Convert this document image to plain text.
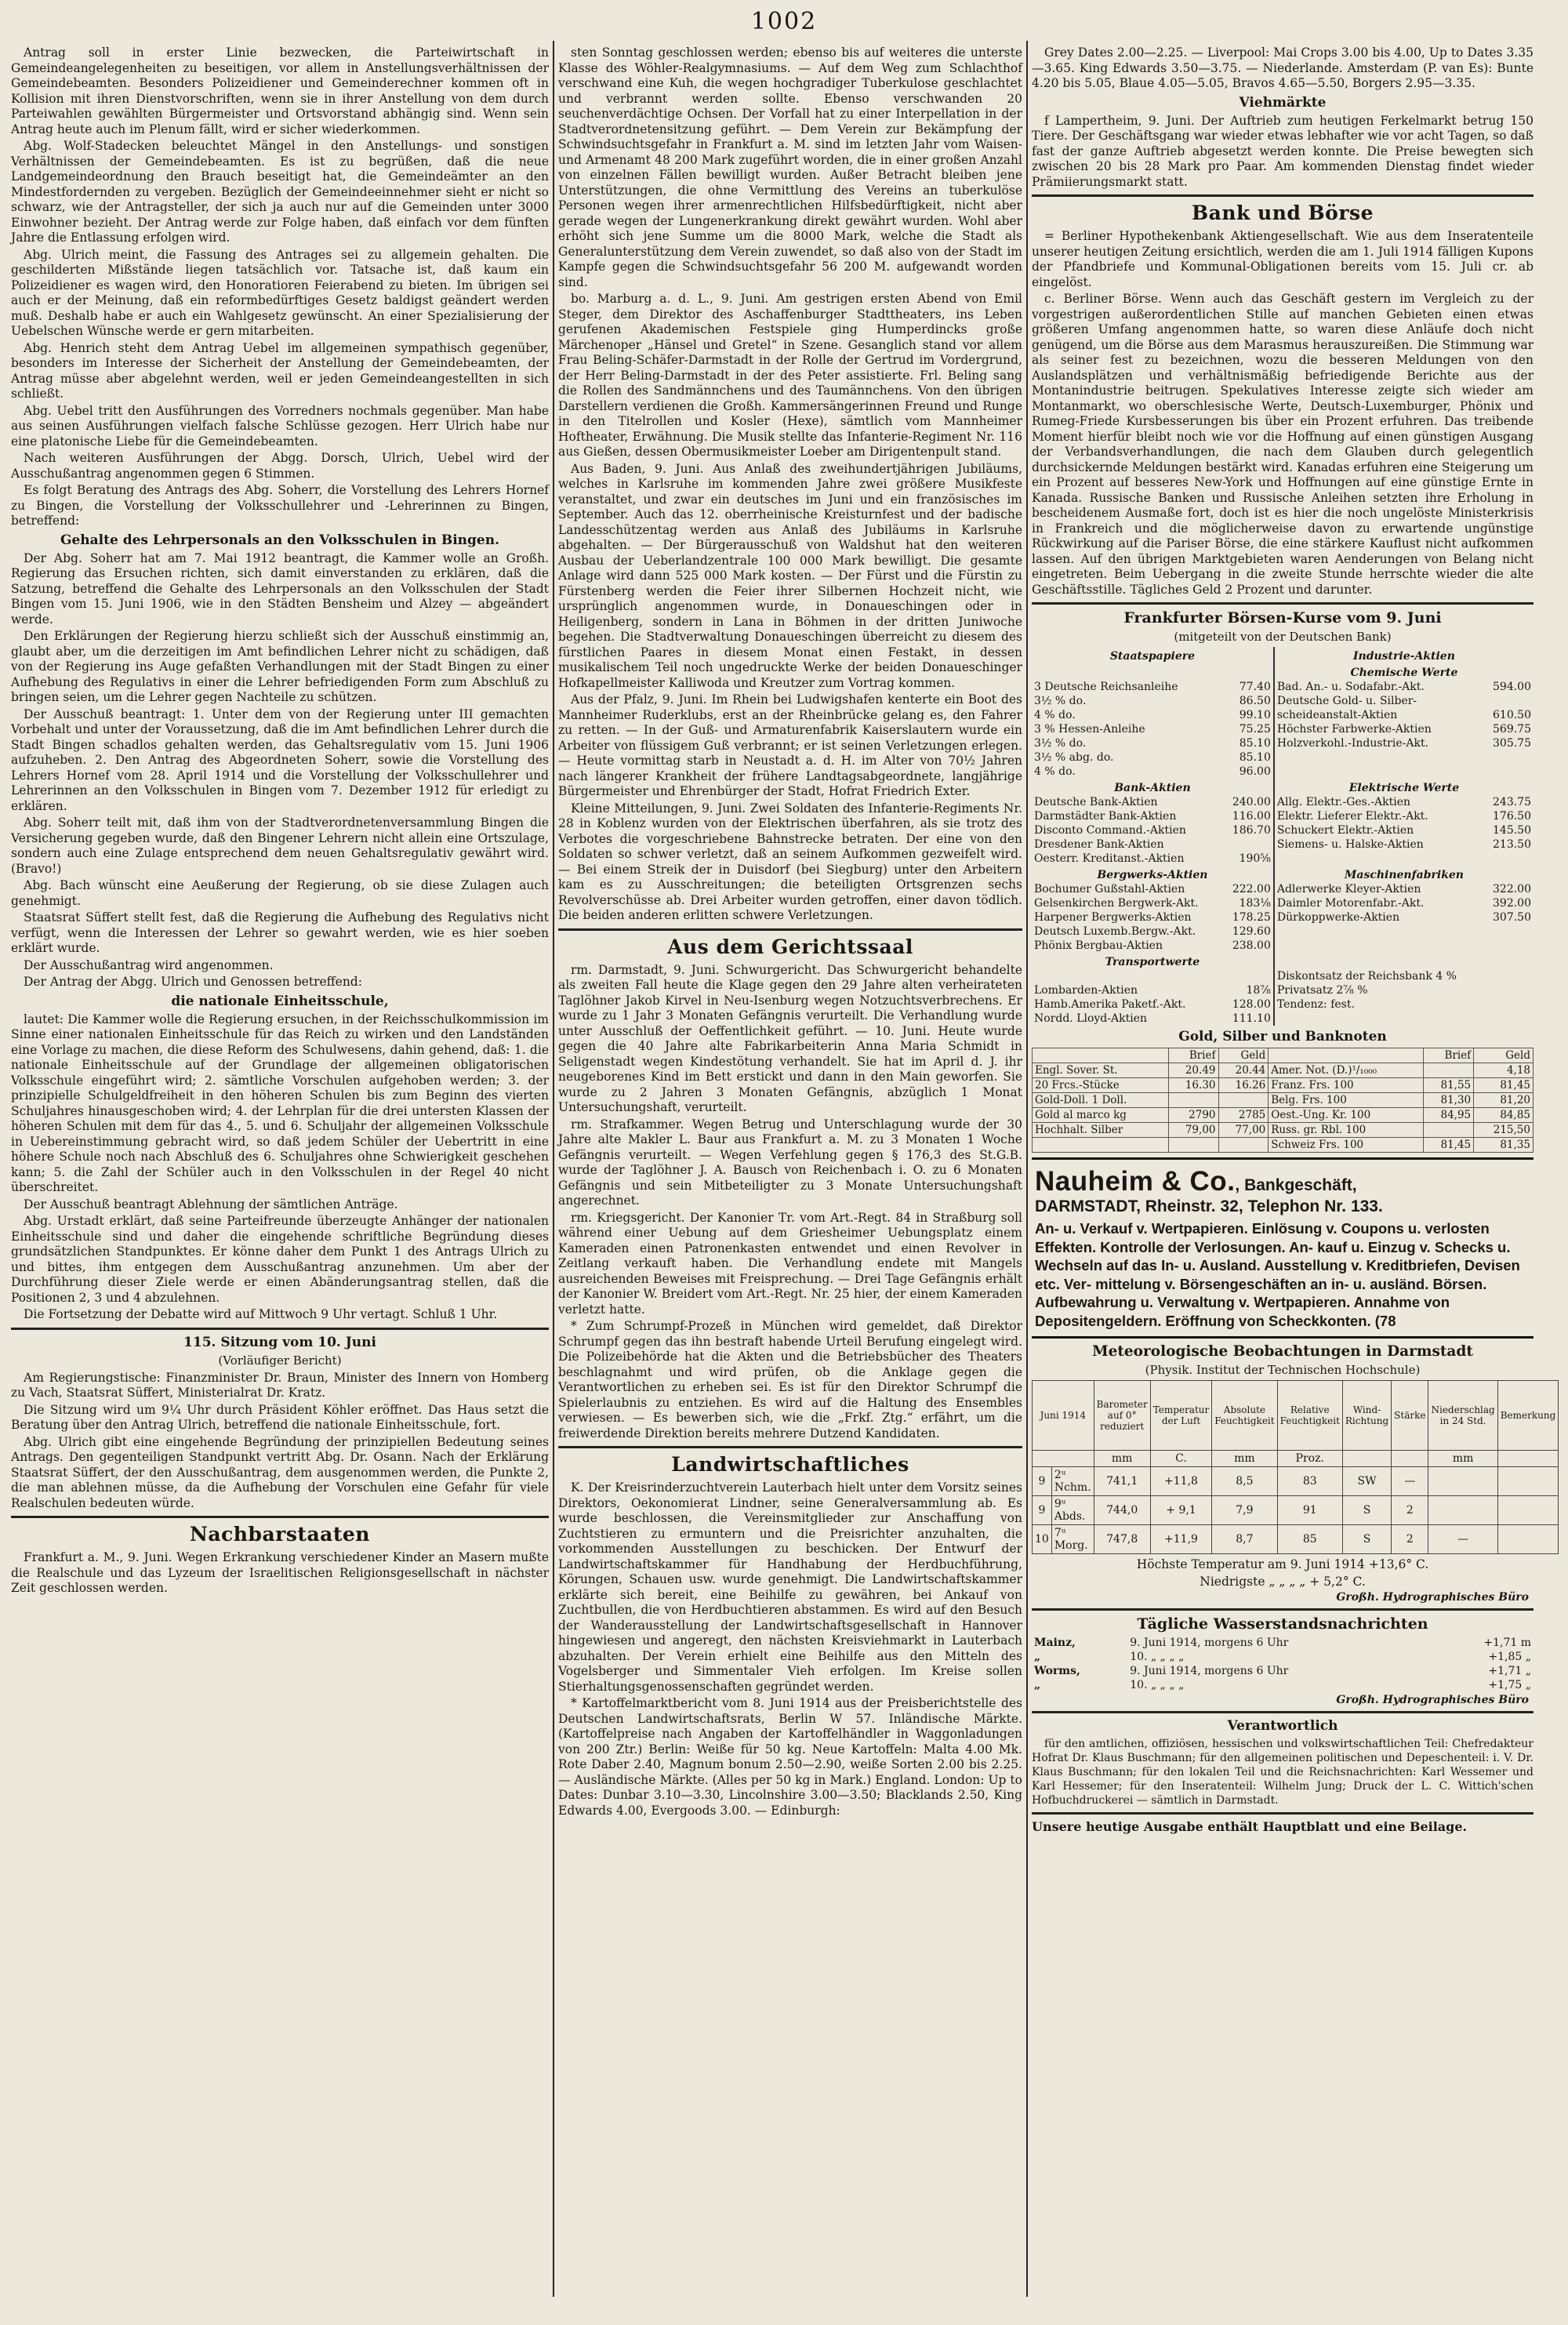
1002

Antrag soll in erster Linie bezwecken, die Parteiwirtschaft in Gemeindeangelegenheiten zu beseitigen, vor allem in Anstellungsverhältnissen der Gemeindebeamten. Besonders Polizeidiener und Gemeinderechner kommen oft in Kollision mit ihren Dienstvorschriften, wenn sie in ihrer Anstellung von dem durch Parteiwahlen gewählten Bürgermeister und Ortsvorstand abhängig sind. Wenn sein Antrag heute auch im Plenum fällt, wird er sicher wiederkommen.

Abg. Wolf-Stadecken beleuchtet Mängel in den Anstellungs- und sonstigen Verhältnissen der Gemeindebeamten. Es ist zu begrüßen, daß die neue Landgemeindeordnung den Brauch beseitigt hat, die Gemeindeämter an den Mindestfordernden zu vergeben. Bezüglich der Gemeindeeinnehmer sieht er nicht so schwarz, wie der Antragsteller, der sich ja auch nur auf die Gemeinden unter 3000 Einwohner bezieht. Der Antrag werde zur Folge haben, daß einfach vor dem fünften Jahre die Entlassung erfolgen wird.

Abg. Ulrich meint, die Fassung des Antrages sei zu allgemein gehalten. Die geschilderten Mißstände liegen tatsächlich vor. Tatsache ist, daß kaum ein Polizeidiener es wagen wird, den Honoratioren Feierabend zu bieten. Im übrigen sei auch er der Meinung, daß ein reformbedürftiges Gesetz baldigst geändert werden muß. Deshalb habe er auch ein Wahlgesetz gewünscht. An einer Spezialisierung der Uebelschen Wünsche werde er gern mitarbeiten.

Abg. Henrich steht dem Antrag Uebel im allgemeinen sympathisch gegenüber, besonders im Interesse der Sicherheit der Anstellung der Gemeindebeamten, der Antrag müsse aber abgelehnt werden, weil er jeden Gemeindeangestellten in sich schließt.

Abg. Uebel tritt den Ausführungen des Vorredners nochmals gegenüber. Man habe aus seinen Ausführungen vielfach falsche Schlüsse gezogen. Herr Ulrich habe nur eine platonische Liebe für die Gemeindebeamten.

Nach weiteren Ausführungen der Abgg. Dorsch, Ulrich, Uebel wird der Ausschußantrag angenommen gegen 6 Stimmen.

Es folgt Beratung des Antrags des Abg. Soherr, die Vorstellung des Lehrers Hornef zu Bingen, die Vorstellung der Volksschullehrer und -Lehrerinnen zu Bingen, betreffend:

Gehalte des Lehrpersonals an den Volksschulen in Bingen.

Der Abg. Soherr hat am 7. Mai 1912 beantragt, die Kammer wolle an Großh. Regierung das Ersuchen richten, sich damit einverstanden zu erklären, daß die Satzung, betreffend die Gehalte des Lehrpersonals an den Volksschulen der Stadt Bingen vom 15. Juni 1906, wie in den Städten Bensheim und Alzey — abgeändert werde.

Den Erklärungen der Regierung hierzu schließt sich der Ausschuß einstimmig an, glaubt aber, um die derzeitigen im Amt befindlichen Lehrer nicht zu schädigen, daß von der Regierung ins Auge gefaßten Verhandlungen mit der Stadt Bingen zu einer Aufhebung des Regulativs in einer die Lehrer befriedigenden Form zum Abschluß zu bringen seien, um die Lehrer gegen Nachteile zu schützen.

Der Ausschuß beantragt: 1. Unter dem von der Regierung unter III gemachten Vorbehalt und unter der Voraussetzung, daß die im Amt befindlichen Lehrer durch die Stadt Bingen schadlos gehalten werden, das Gehaltsregulativ vom 15. Juni 1906 aufzuheben. 2. Den Antrag des Abgeordneten Soherr, sowie die Vorstellung des Lehrers Hornef vom 28. April 1914 und die Vorstellung der Volksschullehrer und Lehrerinnen an den Volksschulen in Bingen vom 7. Dezember 1912 für erledigt zu erklären.

Abg. Soherr teilt mit, daß ihm von der Stadtverordnetenversammlung Bingen die Versicherung gegeben wurde, daß den Bingener Lehrern nicht allein eine Ortszulage, sondern auch eine Zulage entsprechend dem neuen Gehaltsregulativ gewährt wird. (Bravo!)

Abg. Bach wünscht eine Aeußerung der Regierung, ob sie diese Zulagen auch genehmigt.

Staatsrat Süffert stellt fest, daß die Regierung die Aufhebung des Regulativs nicht verfügt, wenn die Interessen der Lehrer so gewahrt werden, wie es hier soeben erklärt wurde.

Der Ausschußantrag wird angenommen.

Der Antrag der Abgg. Ulrich und Genossen betreffend:

die nationale Einheitsschule,

lautet: Die Kammer wolle die Regierung ersuchen, in der Reichsschulkommission im Sinne einer nationalen Einheitsschule für das Reich zu wirken und den Landständen eine Vorlage zu machen, die diese Reform des Schulwesens, dahin gehend, daß: 1. die nationale Einheitsschule auf der Grundlage der allgemeinen obligatorischen Volksschule eingeführt wird; 2. sämtliche Vorschulen aufgehoben werden; 3. der prinzipielle Schulgeldfreiheit in den höheren Schulen bis zum Beginn des vierten Schuljahres hinausgeschoben wird; 4. der Lehrplan für die drei untersten Klassen der höheren Schulen mit dem für das 4., 5. und 6. Schuljahr der allgemeinen Volksschule in Uebereinstimmung gebracht wird, so daß jedem Schüler der Uebertritt in eine höhere Schule noch nach Abschluß des 6. Schuljahres ohne Schwierigkeit geschehen kann; 5. die Zahl der Schüler auch in den Volksschulen in der Regel 40 nicht überschreitet.

Der Ausschuß beantragt Ablehnung der sämtlichen Anträge.

Abg. Urstadt erklärt, daß seine Parteifreunde überzeugte Anhänger der nationalen Einheitsschule sind und daher die eingehende schriftliche Begründung dieses grundsätzlichen Standpunktes. Er könne daher dem Punkt 1 des Antrags Ulrich zu und bittes, ihm entgegen dem Ausschußantrag anzunehmen. Um aber der Durchführung dieser Ziele werde er einen Abänderungsantrag stellen, daß die Positionen 2, 3 und 4 abzulehnen.

Die Fortsetzung der Debatte wird auf Mittwoch 9 Uhr vertagt. Schluß 1 Uhr.

115. Sitzung vom 10. Juni
(Vorläufiger Bericht)

Am Regierungstische: Finanzminister Dr. Braun, Minister des Innern von Homberg zu Vach, Staatsrat Süffert, Ministerialrat Dr. Kratz.

Die Sitzung wird um 9¼ Uhr durch Präsident Köhler eröffnet. Das Haus setzt die Beratung über den Antrag Ulrich, betreffend die nationale Einheitsschule, fort.

Abg. Ulrich gibt eine eingehende Begründung der prinzipiellen Bedeutung seines Antrags. Den gegenteiligen Standpunkt vertritt Abg. Dr. Osann. Nach der Erklärung Staatsrat Süffert, der den Ausschußantrag, dem ausgenommen werden, die Punkte 2, die man ablehnen müsse, da die Aufhebung der Vorschulen eine Gefahr für viele Realschulen bedeuten würde.

Nachbarstaaten

Frankfurt a. M., 9. Juni. Wegen Erkrankung verschiedener Kinder an Masern mußte die Realschule und das Lyzeum der Israelitischen Religionsgesellschaft in nächster Zeit geschlossen werden.

sten Sonntag geschlossen werden; ebenso bis auf weiteres die unterste Klasse des Wöhler-Realgymnasiums. — Auf dem Weg zum Schlachthof verschwand eine Kuh, die wegen hochgradiger Tuberkulose geschlachtet und verbrannt werden sollte. Ebenso verschwanden 20 seuchenverdächtige Ochsen. Der Vorfall hat zu einer Interpellation in der Stadtverordnetensitzung geführt. — Dem Verein zur Bekämpfung der Schwindsuchtsgefahr in Frankfurt a. M. sind im letzten Jahr vom Waisen- und Armenamt 48 200 Mark zugeführt worden, die in einer großen Anzahl von einzelnen Fällen bewilligt wurden. Außer Betracht bleiben jene Unterstützungen, die ohne Vermittlung des Vereins an tuberkulöse Personen wegen ihrer armenrechtlichen Hilfsbedürftigkeit, nicht aber gerade wegen der Lungenerkrankung direkt gewährt wurden. Wohl aber erhöht sich jene Summe um die 8000 Mark, welche die Stadt als Generalunterstützung dem Verein zuwendet, so daß also von der Stadt im Kampfe gegen die Schwindsuchtsgefahr 56 200 M. aufgewandt worden sind.

bo. Marburg a. d. L., 9. Juni. Am gestrigen ersten Abend von Emil Steger, dem Direktor des Aschaffenburger Stadttheaters, ins Leben gerufenen Akademischen Festspiele ging Humperdincks große Märchenoper „Hänsel und Gretel“ in Szene. Gesanglich stand vor allem Frau Beling-Schäfer-Darmstadt in der Rolle der Gertrud im Vordergrund, der Herr Beling-Darmstadt in der des Peter assistierte. Frl. Beling sang die Rollen des Sandmännchens und des Taumännchens. Von den übrigen Darstellern verdienen die Großh. Kammersängerinnen Freund und Runge in den Titelrollen und Kosler (Hexe), sämtlich vom Mannheimer Hoftheater, Erwähnung. Die Musik stellte das Infanterie-Regiment Nr. 116 aus Gießen, dessen Obermusikmeister Loeber am Dirigentenpult stand.

Aus Baden, 9. Juni. Aus Anlaß des zweihundertjährigen Jubiläums, welches in Karlsruhe im kommenden Jahre zwei größere Musikfeste veranstaltet, und zwar ein deutsches im Juni und ein französisches im September. Auch das 12. oberrheinische Kreisturnfest und der badische Landesschützentag werden aus Anlaß des Jubiläums in Karlsruhe abgehalten. — Der Bürgerausschuß von Waldshut hat den weiteren Ausbau der Ueberlandzentrale 100 000 Mark bewilligt. Die gesamte Anlage wird dann 525 000 Mark kosten. — Der Fürst und die Fürstin zu Fürstenberg werden die Feier ihrer Silbernen Hochzeit nicht, wie ursprünglich angenommen wurde, in Donaueschingen oder in Heiligenberg, sondern in Lana in Böhmen in der dritten Juniwoche begehen. Die Stadtverwaltung Donaueschingen überreicht zu diesem des fürstlichen Paares in diesem Monat einen Festakt, in dessen musikalischem Teil noch ungedruckte Werke der beiden Donaueschinger Hofkapellmeister Kalliwoda und Kreutzer zum Vortrag kommen.

Aus der Pfalz, 9. Juni. Im Rhein bei Ludwigshafen kenterte ein Boot des Mannheimer Ruderklubs, erst an der Rheinbrücke gelang es, den Fahrer zu retten. — In der Guß- und Armaturenfabrik Kaiserslautern wurde ein Arbeiter von flüssigem Guß verbrannt; er ist seinen Verletzungen erlegen. — Heute vormittag starb in Neustadt a. d. H. im Alter von 70½ Jahren nach längerer Krankheit der frühere Landtagsabgeordnete, langjährige Bürgermeister und Ehrenbürger der Stadt, Hofrat Friedrich Exter.

Kleine Mitteilungen, 9. Juni. Zwei Soldaten des Infanterie-Regiments Nr. 28 in Koblenz wurden von der Elektrischen überfahren, als sie trotz des Verbotes die vorgeschriebene Bahnstrecke betraten. Der eine von den Soldaten so schwer verletzt, daß an seinem Aufkommen gezweifelt wird. — Bei einem Streik der in Duisdorf (bei Siegburg) unter den Arbeitern kam es zu Ausschreitungen; die beteiligten Ortsgrenzen sechs Revolverschüsse ab. Drei Arbeiter wurden getroffen, einer davon tödlich. Die beiden anderen erlitten schwere Verletzungen.

Aus dem Gerichtssaal

rm. Darmstadt, 9. Juni. Schwurgericht. Das Schwurgericht behandelte als zweiten Fall heute die Klage gegen den 29 Jahre alten verheirateten Taglöhner Jakob Kirvel in Neu-Isenburg wegen Notzuchtsverbrechens. Er wurde zu 1 Jahr 3 Monaten Gefängnis verurteilt. Die Verhandlung wurde unter Ausschluß der Oeffentlichkeit geführt. — 10. Juni. Heute wurde gegen die 40 Jahre alte Fabrikarbeiterin Anna Maria Schmidt in Seligenstadt wegen Kindestötung verhandelt. Sie hat im April d. J. ihr neugeborenes Kind im Bett erstickt und dann in den Main geworfen. Sie wurde zu 2 Jahren 3 Monaten Gefängnis, abzüglich 1 Monat Untersuchungshaft, verurteilt.

rm. Strafkammer. Wegen Betrug und Unterschlagung wurde der 30 Jahre alte Makler L. Baur aus Frankfurt a. M. zu 3 Monaten 1 Woche Gefängnis verurteilt. — Wegen Verfehlung gegen § 176,3 des St.G.B. wurde der Taglöhner J. A. Bausch von Reichenbach i. O. zu 6 Monaten Gefängnis und sein Mitbeteiligter zu 3 Monate Untersuchungshaft angerechnet.

rm. Kriegsgericht. Der Kanonier Tr. vom Art.-Regt. 84 in Straßburg soll während einer Uebung auf dem Griesheimer Uebungsplatz einem Kameraden einen Patronenkasten entwendet und einen Revolver in Zeitlang verkauft haben. Die Verhandlung endete mit Mangels ausreichenden Beweises mit Freisprechung. — Drei Tage Gefängnis erhält der Kanonier W. Breidert vom Art.-Regt. Nr. 25 hier, der einem Kameraden verletzt hatte.

* Zum Schrumpf-Prozeß in München wird gemeldet, daß Direktor Schrumpf gegen das ihn bestraft habende Urteil Berufung eingelegt wird. Die Polizeibehörde hat die Akten und die Betriebsbücher des Theaters beschlagnahmt und wird prüfen, ob die Anklage gegen die Verantwortlichen zu erheben sei. Es ist für den Direktor Schrumpf die Spielerlaubnis zu entziehen. Es wird auf die Haltung des Ensembles verwiesen. — Es bewerben sich, wie die „Frkf. Ztg.“ erfährt, um die freiwerdende Direktion bereits mehrere Dutzend Kandidaten.

Landwirtschaftliches

K. Der Kreisrinderzuchtverein Lauterbach hielt unter dem Vorsitz seines Direktors, Oekonomierat Lindner, seine Generalversammlung ab. Es wurde beschlossen, die Vereinsmitglieder zur Anschaffung von Zuchtstieren zu ermuntern und die Preisrichter anzuhalten, die vorkommenden Ausstellungen zu beschicken. Der Entwurf der Landwirtschaftskammer für Handhabung der Herdbuchführung, Körungen, Schauen usw. wurde genehmigt. Die Landwirtschaftskammer erklärte sich bereit, eine Beihilfe zu gewähren, bei Ankauf von Zuchtbullen, die von Herdbuchtieren abstammen. Es wird auf den Besuch der Wanderausstellung der Landwirtschaftsgesellschaft in Hannover hingewiesen und angeregt, den nächsten Kreisviehmarkt in Lauterbach abzuhalten. Der Verein erhielt eine Beihilfe aus den Mitteln des Vogelsberger und Simmentaler Vieh erfolgen. Im Kreise sollen Stierhaltungsgenossenschaften gegründet werden.

* Kartoffelmarktbericht vom 8. Juni 1914 aus der Preisberichtstelle des Deutschen Landwirtschaftsrats, Berlin W 57. Inländische Märkte. (Kartoffelpreise nach Angaben der Kartoffelhändler in Waggonladungen von 200 Ztr.) Berlin: Weiße für 50 kg. Neue Kartoffeln: Malta 4.00 Mk. Rote Daber 2.40, Magnum bonum 2.50—2.90, weiße Sorten 2.00 bis 2.25. — Ausländische Märkte. (Alles per 50 kg in Mark.) England. London: Up to Dates: Dunbar 3.10—3.30, Lincolnshire 3.00—3.50; Blacklands 2.50, King Edwards 4.00, Evergoods 3.00. — Edinburgh:

Grey Dates 2.00—2.25. — Liverpool: Mai Crops 3.00 bis 4.00, Up to Dates 3.35—3.65. King Edwards 3.50—3.75. — Niederlande. Amsterdam (P. van Es): Bunte 4.20 bis 5.05, Blaue 4.05—5.05, Bravos 4.65—5.50, Borgers 2.95—3.35.

Viehmärkte

f Lampertheim, 9. Juni. Der Auftrieb zum heutigen Ferkelmarkt betrug 150 Tiere. Der Geschäftsgang war wieder etwas lebhafter wie vor acht Tagen, so daß fast der ganze Auftrieb abgesetzt werden konnte. Die Preise bewegten sich zwischen 20 bis 28 Mark pro Paar. Am kommenden Dienstag findet wieder Prämiierungsmarkt statt.

Bank und Börse

= Berliner Hypothekenbank Aktiengesellschaft. Wie aus dem Inseratenteile unserer heutigen Zeitung ersichtlich, werden die am 1. Juli 1914 fälligen Kupons der Pfandbriefe und Kommunal-Obligationen bereits vom 15. Juli cr. ab eingelöst.

c. Berliner Börse. Wenn auch das Geschäft gestern im Vergleich zu der vorgestrigen außerordentlichen Stille auf manchen Gebieten einen etwas größeren Umfang angenommen hatte, so waren diese Anläufe doch nicht genügend, um die Börse aus dem Marasmus herauszureißen. Die Stimmung war als seiner fest zu bezeichnen, wozu die besseren Meldungen von den Auslandsplätzen und verhältnismäßig befriedigende Berichte aus der Montanindustrie beitrugen. Spekulatives Interesse zeigte sich wieder am Montanmarkt, wo oberschlesische Werte, Deutsch-Luxemburger, Phönix und Rumeg-Friede Kursbesserungen bis über ein Prozent erfuhren. Das treibende Moment hierfür bleibt noch wie vor die Hoffnung auf einen günstigen Ausgang der Verbandsverhandlungen, die nach dem Glauben durch gelegentlich durchsickernde Meldungen bestärkt wird. Kanadas erfuhren eine Steigerung um ein Prozent auf besseres New-York und Hoffnungen auf eine günstige Ernte in Kanada. Russische Banken und Russische Anleihen setzten ihre Erholung in bescheidenem Ausmaße fort, doch ist es hier die noch ungelöste Ministerkrisis in Frankreich und die möglicherweise davon zu erwartende ungünstige Rückwirkung auf die Pariser Börse, die eine stärkere Kauflust nicht aufkommen lassen. Auf den übrigen Marktgebieten waren Aenderungen von Belang nicht eingetreten. Beim Uebergang in die zweite Stunde herrschte wieder die alte Geschäftsstille. Tägliches Geld 2 Prozent und darunter.

Frankfurter Börsen-Kurse vom 9. Juni
(mitgeteilt von der Deutschen Bank)
Staatspapiere		Industrie-Aktien	
		Chemische Werte	
3 Deutsche Reichsanleihe	77.40	Bad. An.- u. Sodafabr.-Akt.	594.00
3½ % do.	86.50	Deutsche Gold- u. Silber-	
4 % do.	99.10	scheideanstalt-Aktien	610.50
3 % Hessen-Anleihe	75.25	Höchster Farbwerke-Aktien	569.75
3½ % do.	85.10	Holzverkohl.-Industrie-Akt.	305.75
3½ % abg. do.	85.10		
4 % do.	96.00		
Bank-Aktien		Elektrische Werte	
Deutsche Bank-Aktien	240.00	Allg. Elektr.-Ges.-Aktien	243.75
Darmstädter Bank-Aktien	116.00	Elektr. Lieferer Elektr.-Akt.	176.50
Disconto Command.-Aktien	186.70	Schuckert Elektr.-Aktien	145.50
Dresdener Bank-Aktien		Siemens- u. Halske-Aktien	213.50
Oesterr. Kreditanst.-Aktien	190⅝		
Bergwerks-Aktien		Maschinenfabriken	
Bochumer Gußstahl-Aktien	222.00	Adlerwerke Kleyer-Aktien	322.00
Gelsenkirchen Bergwerk-Akt.	183⅛	Daimler Motorenfabr.-Akt.	392.00
Harpener Bergwerks-Aktien	178.25	Dürkoppwerke-Aktien	307.50
Deutsch Luxemb.Bergw.-Akt.	129.60		
Phönix Bergbau-Aktien	238.00		
Transportwerte			
		Diskontsatz der Reichsbank 4 %	
Lombarden-Aktien	18⅞	Privatsatz 2⅞ %	
Hamb.Amerika Paketf.-Akt.	128.00	Tendenz: fest.	
Nordd. Lloyd-Aktien	111.10		
Gold, Silber und Banknoten
	Brief	Geld		Brief	Geld
Engl. Sover. St.	20.49	20.44	Amer. Not. (D.)¹/₁₀₀₀		4,18
20 Frcs.-Stücke	16.30	16.26	Franz. Frs. 100	81,55	81,45
Gold-Doll. 1 Doll.			Belg. Frs. 100	81,30	81,20
Gold al marco kg	2790	2785	Oest.-Ung. Kr. 100	84,95	84,85
Hochhalt. Silber	79,00	77,00	Russ. gr. Rbl. 100		215,50
			Schweiz Frs. 100	81,45	81,35
Nauheim & Co., Bankgeschäft,
DARMSTADT, Rheinstr. 32, Telephon Nr. 133.
An- u. Verkauf v. Wertpapieren. Einlösung v. Coupons u. verlosten Effekten. Kontrolle der Verlosungen. An- kauf u. Einzug v. Schecks u. Wechseln auf das In- u. Ausland. Ausstellung v. Kreditbriefen, Devisen etc. Ver- mittelung v. Börsengeschäften an in- u. ausländ. Börsen. Aufbewahrung u. Verwaltung v. Wertpapieren. Annahme von Depositengeldern. Eröffnung von Scheckkonten. (78
Meteorologische Beobachtungen in Darmstadt
(Physik. Institut der Technischen Hochschule)
Juni 1914		Barometer auf 0° reduziert	Temperatur der Luft	Absolute Feuchtigkeit	Relative Feuchtigkeit	Wind-Richtung	Stärke	Niederschlag in 24 Std.	Bemerkung
		mm	C.	mm	Proz.			mm	
9	2ᵘ Nchm.	741,1	+11,8	8,5	83	SW	—		
9	9ᵘ Abds.	744,0	+ 9,1	7,9	91	S	2		
10	7ᵘ Morg.	747,8	+11,9	8,7	85	S	2	—	

Höchste Temperatur am 9. Juni 1914 +13,6° C.

Niedrigste „ „ „ „ + 5,2° C.

Großh. Hydrographisches Büro
Tägliche Wasserstandsnachrichten
Mainz,	9. Juni 1914, morgens 6 Uhr	+1,71 m
„	10. „ „ „ „	+1,85 „
Worms,	9. Juni 1914, morgens 6 Uhr	+1,71 „
„	10. „ „ „ „	+1,75 „
Großh. Hydrographisches Büro
Verantwortlich

für den amtlichen, offiziösen, hessischen und volkswirtschaftlichen Teil: Chefredakteur Hofrat Dr. Klaus Buschmann; für den allgemeinen politischen und Depeschenteil: i. V. Dr. Klaus Buschmann; für den lokalen Teil und die Reichsnachrichten: Karl Wessemer und Karl Hessemer; für den Inseratenteil: Wilhelm Jung; Druck der L. C. Wittich'schen Hofbuchdruckerei — sämtlich in Darmstadt.

Unsere heutige Ausgabe enthält Hauptblatt und eine Beilage.
